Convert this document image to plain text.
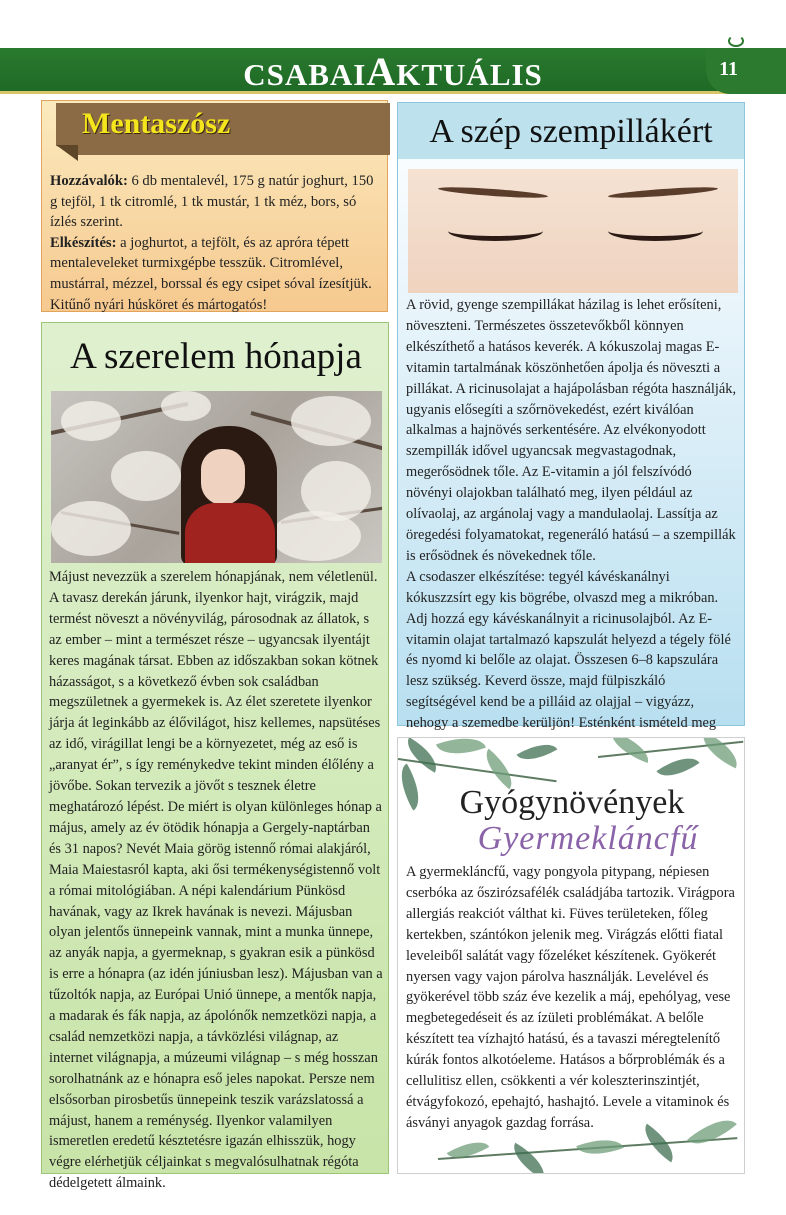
CSABAIAKTUÁLIS	11
Mentaszósz
Hozzávalók: 6 db mentalevél, 175 g natúr joghurt, 150 g tejföl, 1 tk citromlé, 1 tk mustár, 1 tk méz, bors, só ízlés szerint.
Elkészítés: a joghurtot, a tejfölt, és az apróra tépett mentaleveleket turmixgépbe tesszük. Citromlével, mustárral, mézzel, borssal és egy csipet sóval ízesítjük. Kitűnő nyári húsköret és mártogatós!
A szerelem hónapja
Májust nevezzük a szerelem hónapjának, nem véletlenül. A tavasz derekán járunk, ilyenkor hajt, virágzik, majd termést növeszt a növényvilág, párosodnak az állatok, s az ember – mint a természet része – ugyancsak ilyentájt keres magának társat. Ebben az időszakban sokan kötnek házasságot, s a következő évben sok családban megszületnek a gyermekek is. Az élet szeretete ilyenkor járja át leginkább az élővilágot, hisz kellemes, napsütéses az idő, virágillat lengi be a környezetet, még az eső is „aranyat ér”, s így reménykedve tekint minden élőlény a jövőbe. Sokan tervezik a jövőt s tesznek életre meghatározó lépést. De miért is olyan különleges hónap a május, amely az év ötödik hónapja a Gergely-naptárban és 31 napos? Nevét Maia görög istennő római alakjáról, Maia Maiestasról kapta, aki ősi termékenységistennő volt a római mitológiában. A népi kalendárium Pünkösd havának, vagy az Ikrek havának is nevezi. Májusban olyan jelentős ünnepeink vannak, mint a munka ünnepe, az anyák napja, a gyermeknap, s gyakran esik a pünkösd is erre a hónapra (az idén júniusban lesz). Májusban van a tűzoltók napja, az Európai Unió ünnepe, a mentők napja, a madarak és fák napja, az ápolónők nemzetközi napja, a család nemzetközi napja, a távközlési világnap, az internet világnapja, a múzeumi világnap – s még hosszan sorolhatnánk az e hónapra eső jeles napokat. Persze nem elsősorban pirosbetűs ünnepeink teszik varázslatossá a májust, hanem a reménység. Ilyenkor valamilyen ismeretlen eredetű késztetésre igazán elhisszük, hogy végre elérhetjük céljainkat s megvalósulhatnak régóta dédelgetett álmaink.
A szép szempillákért
A rövid, gyenge szempillákat házilag is lehet erősíteni, növeszteni. Természetes összetevőkből könnyen elkészíthető a hatásos keverék. A kókuszolaj magas E-vitamin tartalmának köszönhetően ápolja és növeszti a pillákat. A ricinusolajat a hajápolásban régóta használják, ugyanis elősegíti a szőrnövekedést, ezért kiválóan alkalmas a hajnövés serkentésére. Az elvékonyodott szempillák idővel ugyancsak megvastagodnak, megerősödnek tőle. Az E-vitamin a jól felszívódó növényi olajokban található meg, ilyen például az olívaolaj, az argánolaj vagy a mandulaolaj. Lassítja az öregedési folyamatokat, regeneráló hatású – a szempillák is erősödnek és növekednek tőle.
A csodaszer elkészítése: tegyél kávéskanálnyi kókuszzsírt egy kis bögrébe, olvaszd meg a mikróban. Adj hozzá egy kávéskanálnyit a ricinusolajból. Az E-vitamin olajat tartalmazó kapszulát helyezd a tégely fölé és nyomd ki belőle az olajat. Összesen 6–8 kapszulára lesz szükség. Keverd össze, majd fülpiszkáló segítségével kend be a pilláid az olajjal – vigyázz, nehogy a szemedbe kerüljön! Esténként ismételd meg
Gyógynövények
Gyermekláncfű
A gyermekláncfű, vagy pongyola pitypang, népiesen cserbóka az őszirózsafélék családjába tartozik. Virágpora allergiás reakciót válthat ki. Füves területeken, főleg kertekben, szántókon jelenik meg. Virágzás előtti fiatal leveleiből salátát vagy főzeléket készítenek. Gyökerét nyersen vagy vajon párolva használják. Levelével és gyökerével több száz éve kezelik a máj, epehólyag, vese megbetegedéseit és az ízületi problémákat. A belőle készített tea vízhajtó hatású, és a tavaszi méregtelenítő kúrák fontos alkotóeleme. Hatásos a bőrproblémák és a cellulitisz ellen, csökkenti a vér koleszterinszintjét, étvágyfokozó, epehajtó, hashajtó. Levele a vitaminok és ásványi anyagok gazdag forrása.
